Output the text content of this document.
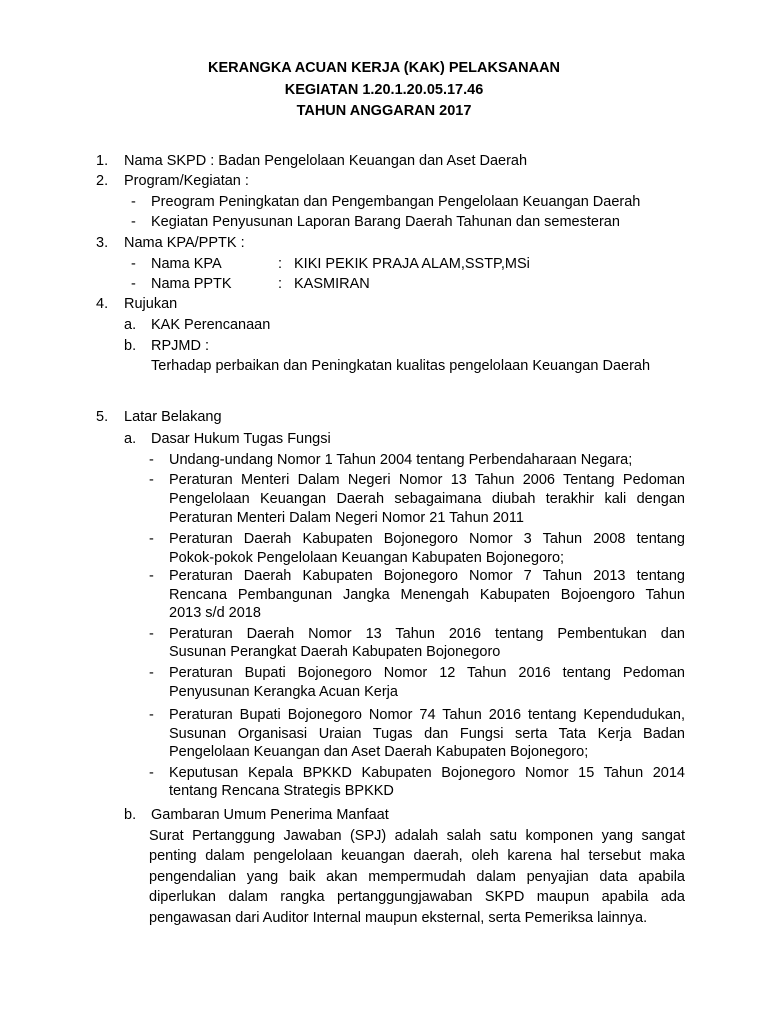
KERANGKA ACUAN KERJA (KAK) PELAKSANAAN
KEGIATAN 1.20.1.20.05.17.46
TAHUN ANGGARAN 2017
1. Nama SKPD : Badan Pengelolaan Keuangan dan Aset Daerah
2. Program/Kegiatan :
- Preogram Peningkatan dan Pengembangan Pengelolaan Keuangan Daerah
- Kegiatan Penyusunan Laporan Barang Daerah Tahunan dan semesteran
3. Nama KPA/PPTK :
- Nama KPA	: KIKI PEKIK PRAJA ALAM,SSTP,MSi
- Nama PPTK	: KASMIRAN
4. Rujukan
a. KAK Perencanaan
b. RPJMD :
Terhadap perbaikan dan Peningkatan kualitas pengelolaan Keuangan Daerah
5. Latar Belakang
a. Dasar Hukum Tugas Fungsi
- Undang-undang Nomor 1 Tahun 2004 tentang Perbendaharaan Negara;
- Peraturan Menteri Dalam Negeri Nomor 13 Tahun 2006 Tentang Pedoman
Pengelolaan Keuangan Daerah sebagaimana diubah terakhir kali dengan
Peraturan Menteri Dalam Negeri Nomor 21 Tahun 2011
- Peraturan Daerah Kabupaten Bojonegoro Nomor 3 Tahun 2008 tentang
Pokok-pokok Pengelolaan Keuangan Kabupaten Bojonegoro;
- Peraturan Daerah Kabupaten Bojonegoro Nomor 7 Tahun 2013 tentang
Rencana Pembangunan Jangka Menengah Kabupaten Bojoengoro Tahun
2013 s/d 2018
- Peraturan Daerah Nomor 13 Tahun 2016 tentang Pembentukan dan
Susunan Perangkat Daerah Kabupaten Bojonegoro
- Peraturan Bupati Bojonegoro Nomor 12 Tahun 2016 tentang Pedoman
Penyusunan Kerangka Acuan Kerja
- Peraturan Bupati Bojonegoro Nomor 74 Tahun 2016 tentang Kependudukan,
Susunan Organisasi Uraian Tugas dan Fungsi serta Tata Kerja Badan
Pengelolaan Keuangan dan Aset Daerah Kabupaten Bojonegoro;
- Keputusan Kepala BPKKD Kabupaten Bojonegoro Nomor 15 Tahun 2014
tentang Rencana Strategis BPKKD
b. Gambaran Umum Penerima Manfaat
Surat Pertanggung Jawaban (SPJ) adalah salah satu komponen yang sangat
penting dalam pengelolaan keuangan daerah, oleh karena hal tersebut maka
pengendalian yang baik akan mempermudah dalam penyajian data apabila
diperlukan dalam rangka pertanggungjawaban SKPD maupun apabila ada
pengawasan dari Auditor Internal maupun eksternal, serta Pemeriksa lainnya.
